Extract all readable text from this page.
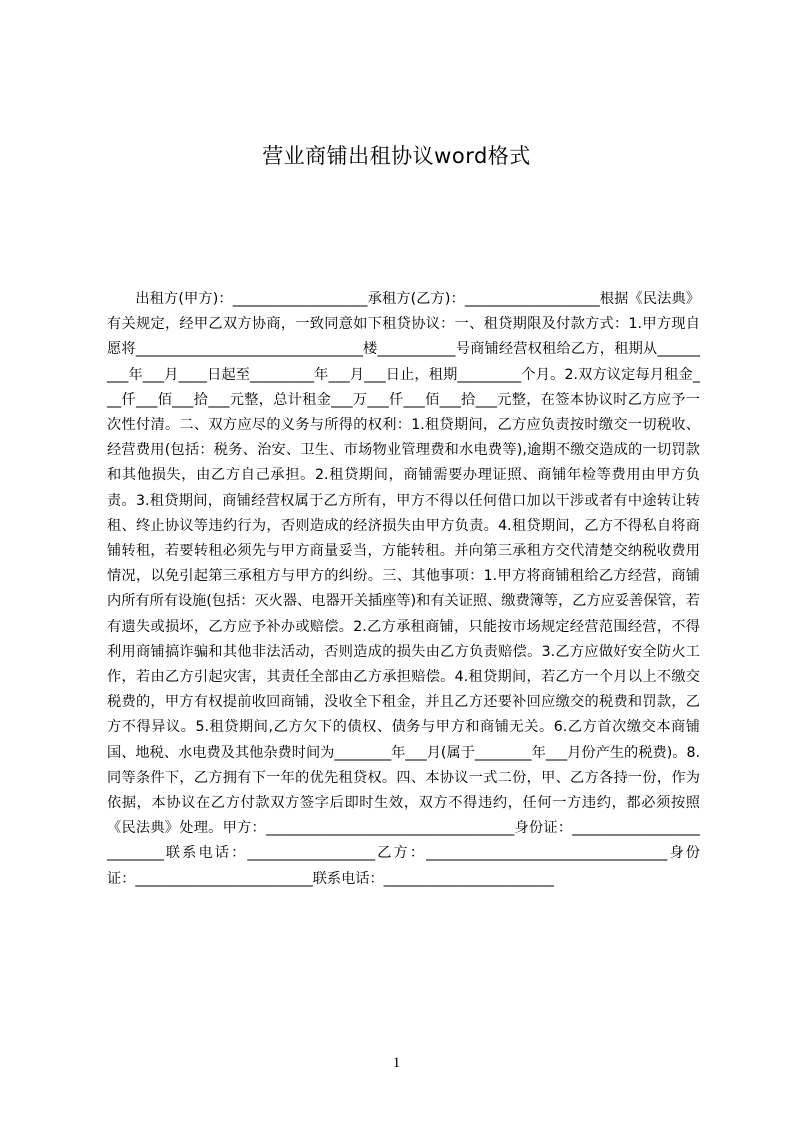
营业商铺出租协议word格式

出租方(甲方)：___________________承租方(乙方)：___________________根据《民法典》有关规定，经甲乙双方协商，一致同意如下租贷协议：一、租贷期限及付款方式：1.甲方现自愿将________________________________楼___________号商铺经营权租给乙方，租期从_________年___月____日起至_________年___月___日止，租期_________个月。2.双方议定每月租金___仟___佰___拾___元整，总计租金___万___仟___佰___拾___元整，在签本协议时乙方应予一次性付清。二、双方应尽的义务与所得的权利：1.租贷期间，乙方应负责按时缴交一切税收、经营费用(包括：税务、治安、卫生、市场物业管理费和水电费等),逾期不缴交造成的一切罚款和其他损失，由乙方自己承担。2.租贷期间，商铺需要办理证照、商铺年检等费用由甲方负责。3.租贷期间，商铺经营权属于乙方所有，甲方不得以任何借口加以干涉或者有中途转让转租、终止协议等违约行为，否则造成的经济损失由甲方负责。4.租贷期间，乙方不得私自将商铺转租，若要转租必须先与甲方商量妥当，方能转租。并向第三承租方交代清楚交纳税收费用情况，以免引起第三承租方与甲方的纠纷。三、其他事项：1.甲方将商铺租给乙方经营，商铺内所有所有设施(包括：灭火器、电器开关插座等)和有关证照、缴费簿等，乙方应妥善保管，若有遗失或损坏，乙方应予补办或赔偿。2.乙方承租商铺，只能按市场规定经营范围经营，不得利用商铺搞诈骗和其他非法活动，否则造成的损失由乙方负责赔偿。3.乙方应做好安全防火工作，若由乙方引起灾害，其责任全部由乙方承担赔偿。4.租贷期间，若乙方一个月以上不缴交税费的，甲方有权提前收回商铺，没收全下租金，并且乙方还要补回应缴交的税费和罚款，乙方不得异议。5.租贷期间,乙方欠下的债权、债务与甲方和商铺无关。6.乙方首次缴交本商铺国、地税、水电费及其他杂费时间为________年___月(属于________年___月份产生的税费)。8.同等条件下，乙方拥有下一年的优先租贷权。四、本协议一式二份，甲、乙方各持一份，作为依据，本协议在乙方付款双方签字后即时生效，双方不得违约，任何一方违约，都必须按照《民法典》处理。甲方：___________________________________身份证：__________________________联系电话：__________________乙方：__________________________________身份证：_________________________联系电话：________________________

1
